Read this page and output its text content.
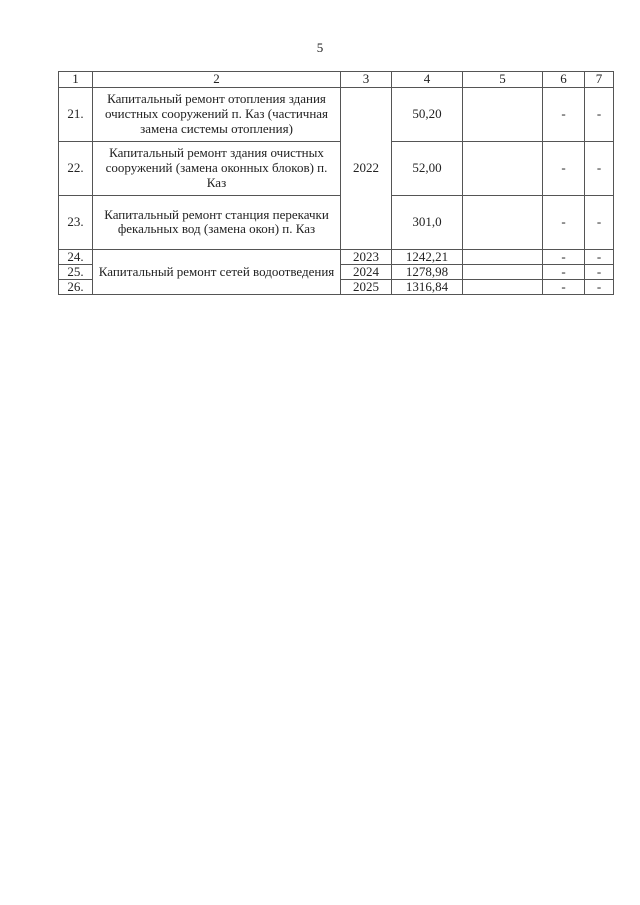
5
1	2	3	4	5	6	7
21.	Капитальный ремонт отопления здания очистных сооружений п. Каз (частичная замена системы отопления)	2022	50,20		-	-
22.	Капитальный ремонт здания очистных сооружений (замена оконных блоков) п. Каз		52,00		-	-
23.	Капитальный ремонт станция перекачки фекальных вод (замена окон) п. Каз		301,0		-	-
24.	Капитальный ремонт сетей водоотведения	2023	1242,21		-	-
25.		2024	1278,98		-	-
26.		2025	1316,84		-	-
